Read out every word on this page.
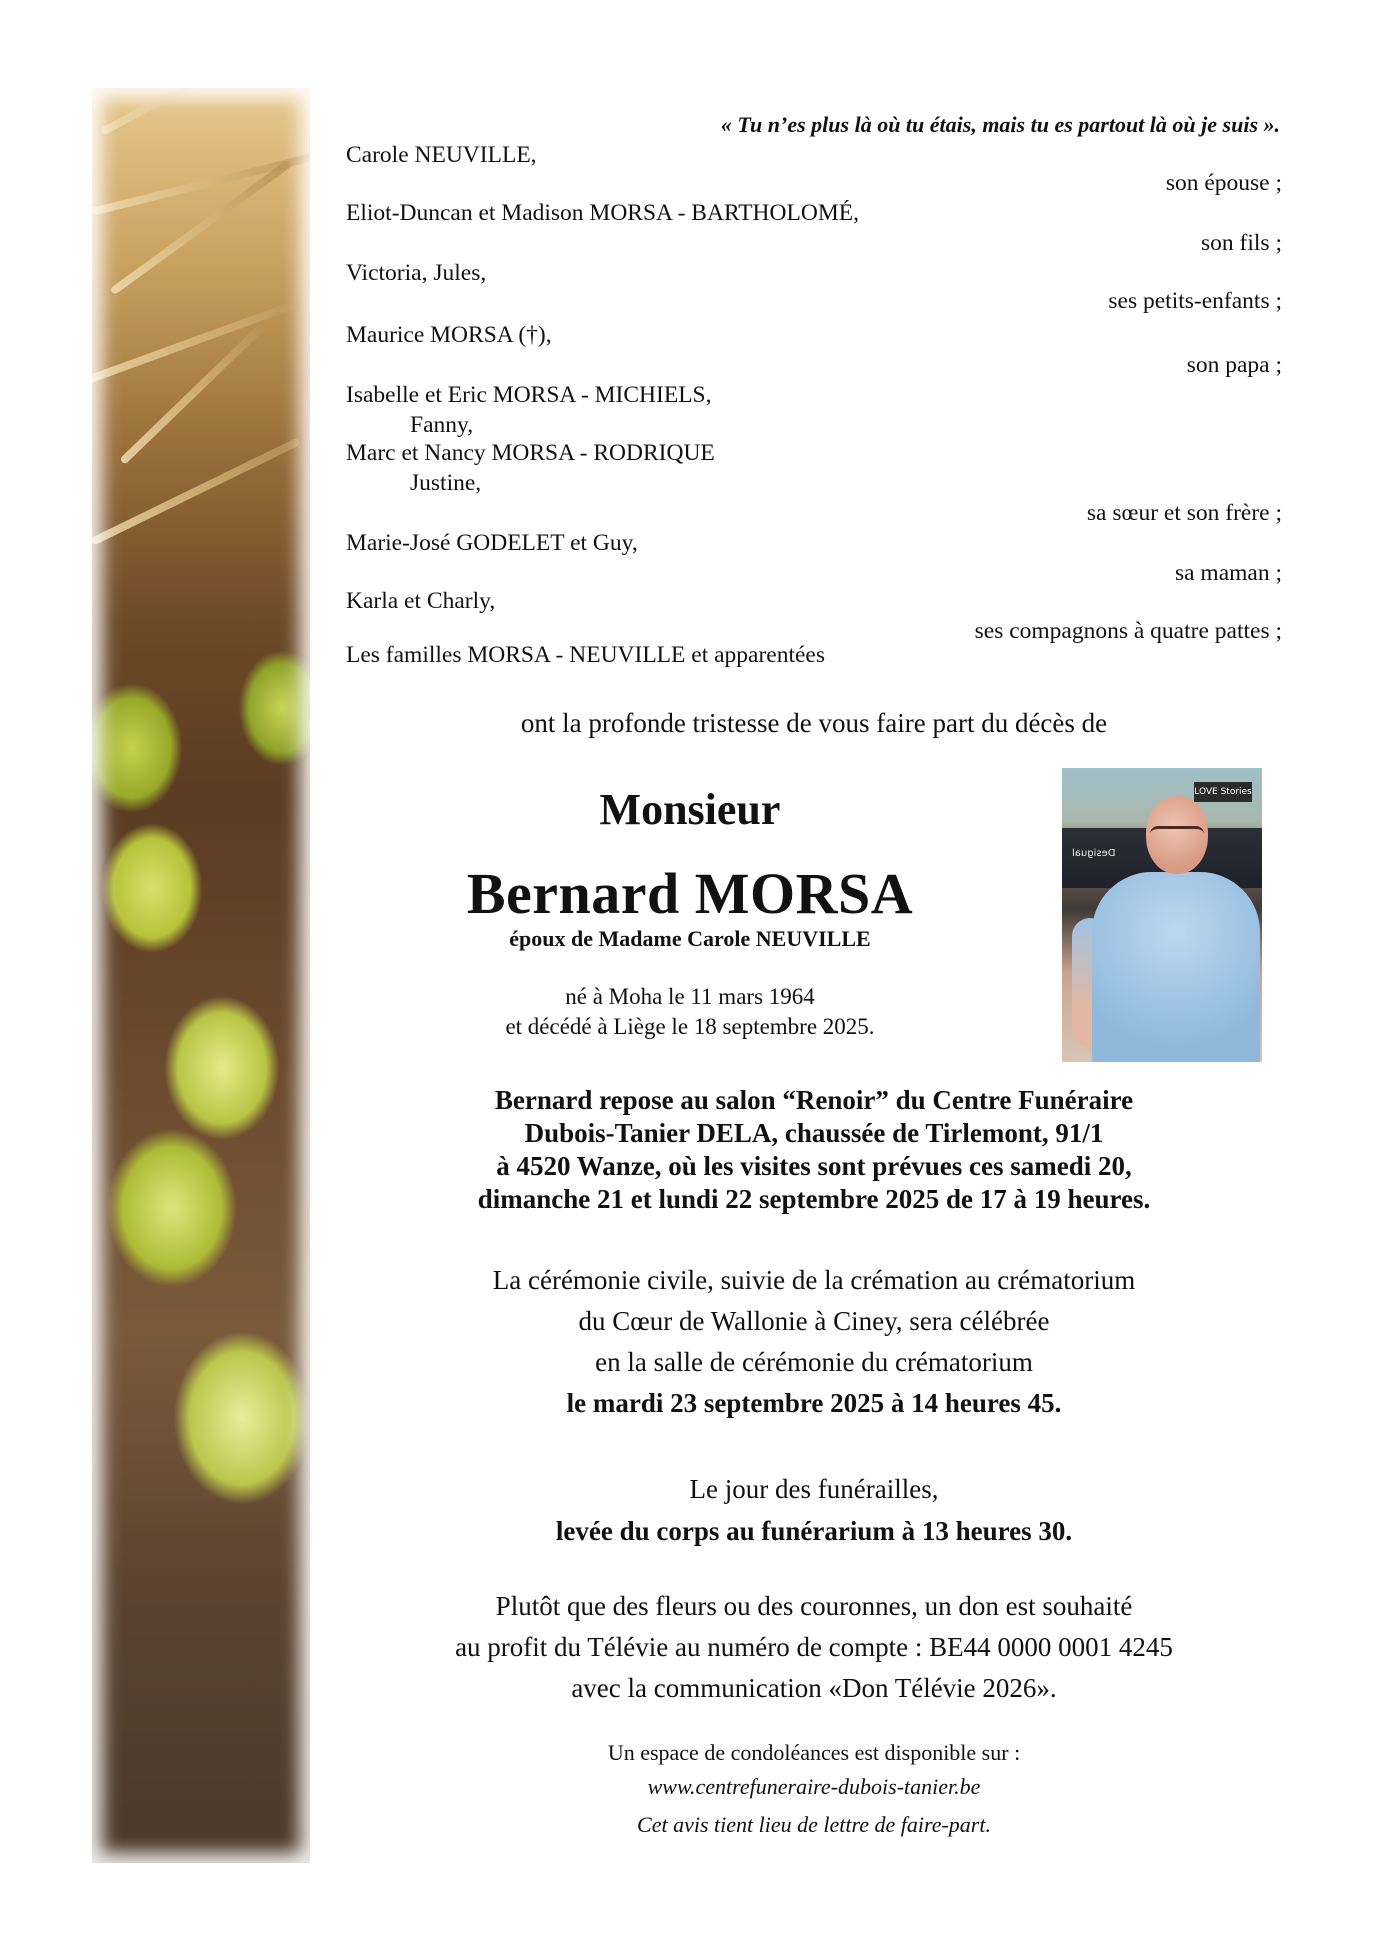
« Tu n’es plus là où tu étais, mais tu es partout là où je suis ».
Carole NEUVILLE,
son épouse ;
Eliot-Duncan et Madison MORSA - BARTHOLOMÉ,
son fils ;
Victoria, Jules,
ses petits-enfants ;
Maurice MORSA (†),
son papa ;
Isabelle et Eric MORSA - MICHIELS,
Fanny,
Marc et Nancy MORSA - RODRIQUE
Justine,
sa sœur et son frère ;
Marie-José GODELET et Guy,
sa maman ;
Karla et Charly,
ses compagnons à quatre pattes ;
Les familles MORSA - NEUVILLE et apparentées
ont la profonde tristesse de vous faire part du décès de
Monsieur
Bernard MORSA
époux de Madame Carole NEUVILLE
né à Moha le 11 mars 1964
et décédé à Liège le 18 septembre 2025.
Desigual
LOVE Stories
Bernard repose au salon “Renoir” du Centre Funéraire
Dubois-Tanier DELA, chaussée de Tirlemont, 91/1
à 4520 Wanze, où les visites sont prévues ces samedi 20,
dimanche 21 et lundi 22 septembre 2025 de 17 à 19 heures.
La cérémonie civile, suivie de la crémation au crématorium
du Cœur de Wallonie à Ciney, sera célébrée
en la salle de cérémonie du crématorium
le mardi 23 septembre 2025 à 14 heures 45.
Le jour des funérailles,
levée du corps au funérarium à 13 heures 30.
Plutôt que des fleurs ou des couronnes, un don est souhaité
au profit du Télévie au numéro de compte : BE44 0000 0001 4245
avec la communication «Don Télévie 2026».
Un espace de condoléances est disponible sur :
www.centrefuneraire-dubois-tanier.be
Cet avis tient lieu de lettre de faire-part.
